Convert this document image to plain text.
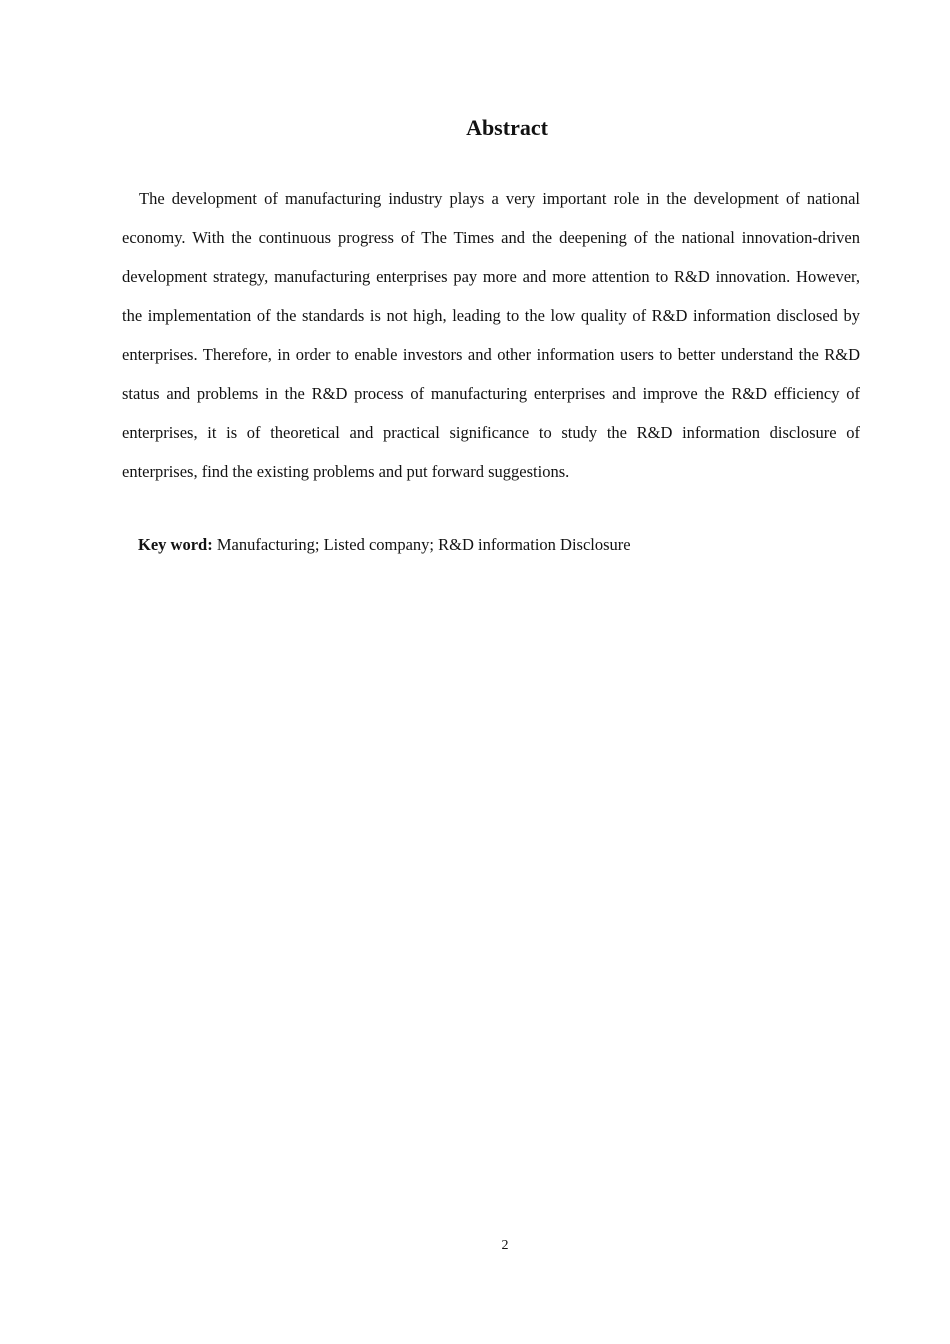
Abstract

The development of manufacturing industry plays a very important role in the development of national economy. With the continuous progress of The Times and the deepening of the national innovation-driven development strategy, manufacturing enterprises pay more and more attention to R&D innovation. However, the implementation of the standards is not high, leading to the low quality of R&D information disclosed by enterprises. Therefore, in order to enable investors and other information users to better understand the R&D status and problems in the R&D process of manufacturing enterprises and improve the R&D efficiency of enterprises, it is of theoretical and practical significance to study the R&D information disclosure of enterprises, find the existing problems and put forward suggestions.

Key word: Manufacturing; Listed company; R&D information Disclosure

2
